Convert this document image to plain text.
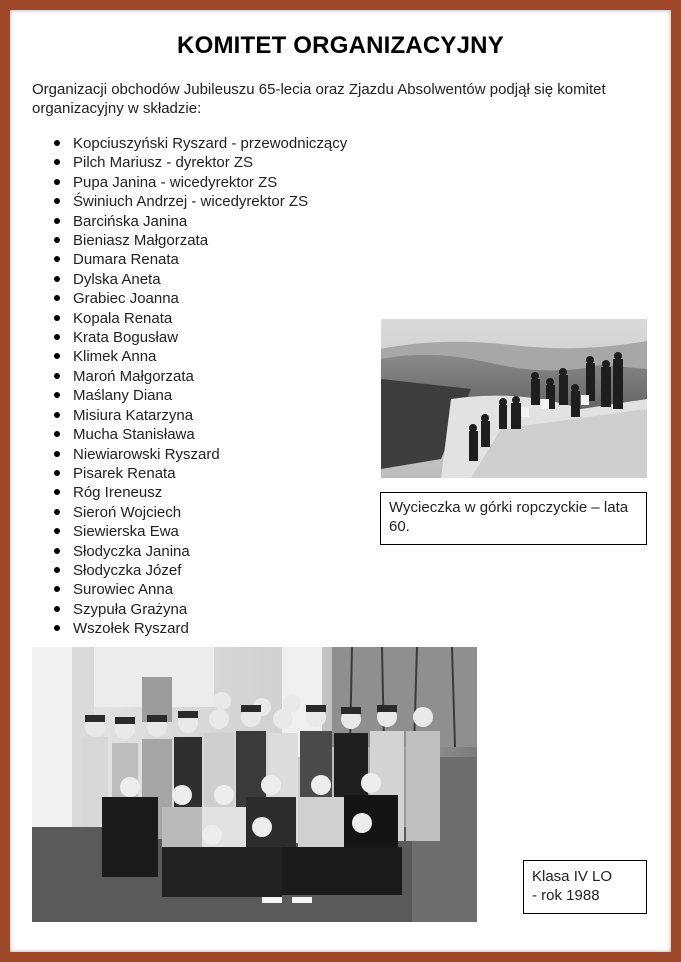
KOMITET ORGANIZACYJNY
Organizacji obchodów Jubileuszu 65-lecia oraz Zjazdu Absolwentów podjął się komitet organizacyjny w składzie:
Kopciuszyński Ryszard - przewodniczący
Pilch Mariusz - dyrektor ZS
Pupa Janina - wicedyrektor ZS
Świniuch Andrzej - wicedyrektor ZS
Barcińska Janina
Bieniasz Małgorzata
Dumara Renata
Dylska Aneta
Grabiec Joanna
Kopala Renata
Krata Bogusław
Klimek Anna
Maroń Małgorzata
Maślany Diana
Misiura Katarzyna
Mucha Stanisława
Niewiarowski Ryszard
Pisarek Renata
Róg Ireneusz
Sieroń Wojciech
Siewierska Ewa
Słodyczka Janina
Słodyczka Józef
Surowiec Anna
Szypuła Grażyna
Wszołek Ryszard
Wycieczka w górki ropczyckie – lata 60.
Klasa IV LO
- rok 1988
